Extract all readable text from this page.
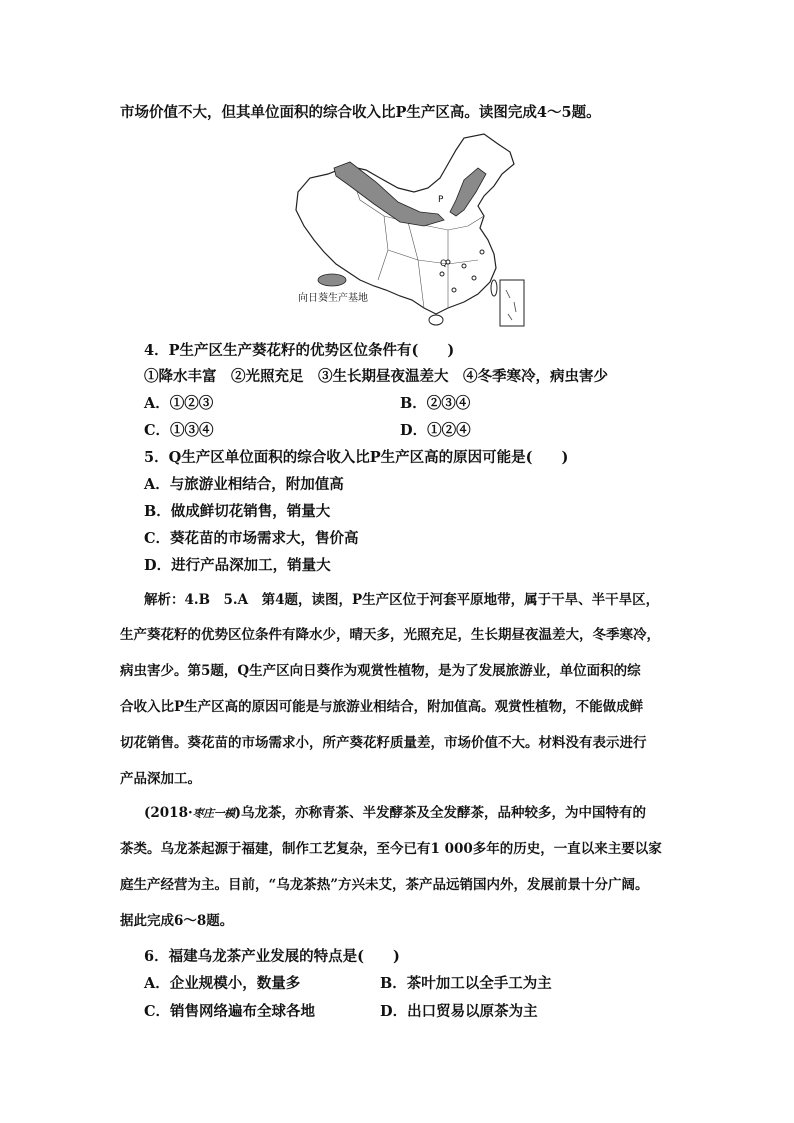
市场价值不大，但其单位面积的综合收入比P生产区高。读图完成4～5题。
向日葵生产基地
P
Q
4．P生产区生产葵花籽的优势区位条件有(　　)
①降水丰富　②光照充足　③生长期昼夜温差大　④冬季寒冷，病虫害少
A．①②③	B．②③④
C．①③④	D．①②④
5．Q生产区单位面积的综合收入比P生产区高的原因可能是(　　)
A．与旅游业相结合，附加值高
B．做成鲜切花销售，销量大
C．葵花苗的市场需求大，售价高
D．进行产品深加工，销量大
解析：4.B　5.A　第4题，读图，P生产区位于河套平原地带，属于干旱、半干旱区，
生产葵花籽的优势区位条件有降水少，晴天多，光照充足，生长期昼夜温差大，冬季寒冷，
病虫害少。第5题，Q生产区向日葵作为观赏性植物，是为了发展旅游业，单位面积的综
合收入比P生产区高的原因可能是与旅游业相结合，附加值高。观赏性植物，不能做成鲜
切花销售。葵花苗的市场需求小，所产葵花籽质量差，市场价值不大。材料没有表示进行
产品深加工。
(2018·枣庄一模)乌龙茶，亦称青茶、半发酵茶及全发酵茶，品种较多，为中国特有的
茶类。乌龙茶起源于福建，制作工艺复杂，至今已有1 000多年的历史，一直以来主要以家
庭生产经营为主。目前，“乌龙茶热”方兴未艾，茶产品远销国内外，发展前景十分广阔。
据此完成6～8题。
6．福建乌龙茶产业发展的特点是(　　)
A．企业规模小，数量多	B．茶叶加工以全手工为主
C．销售网络遍布全球各地	D．出口贸易以原茶为主
